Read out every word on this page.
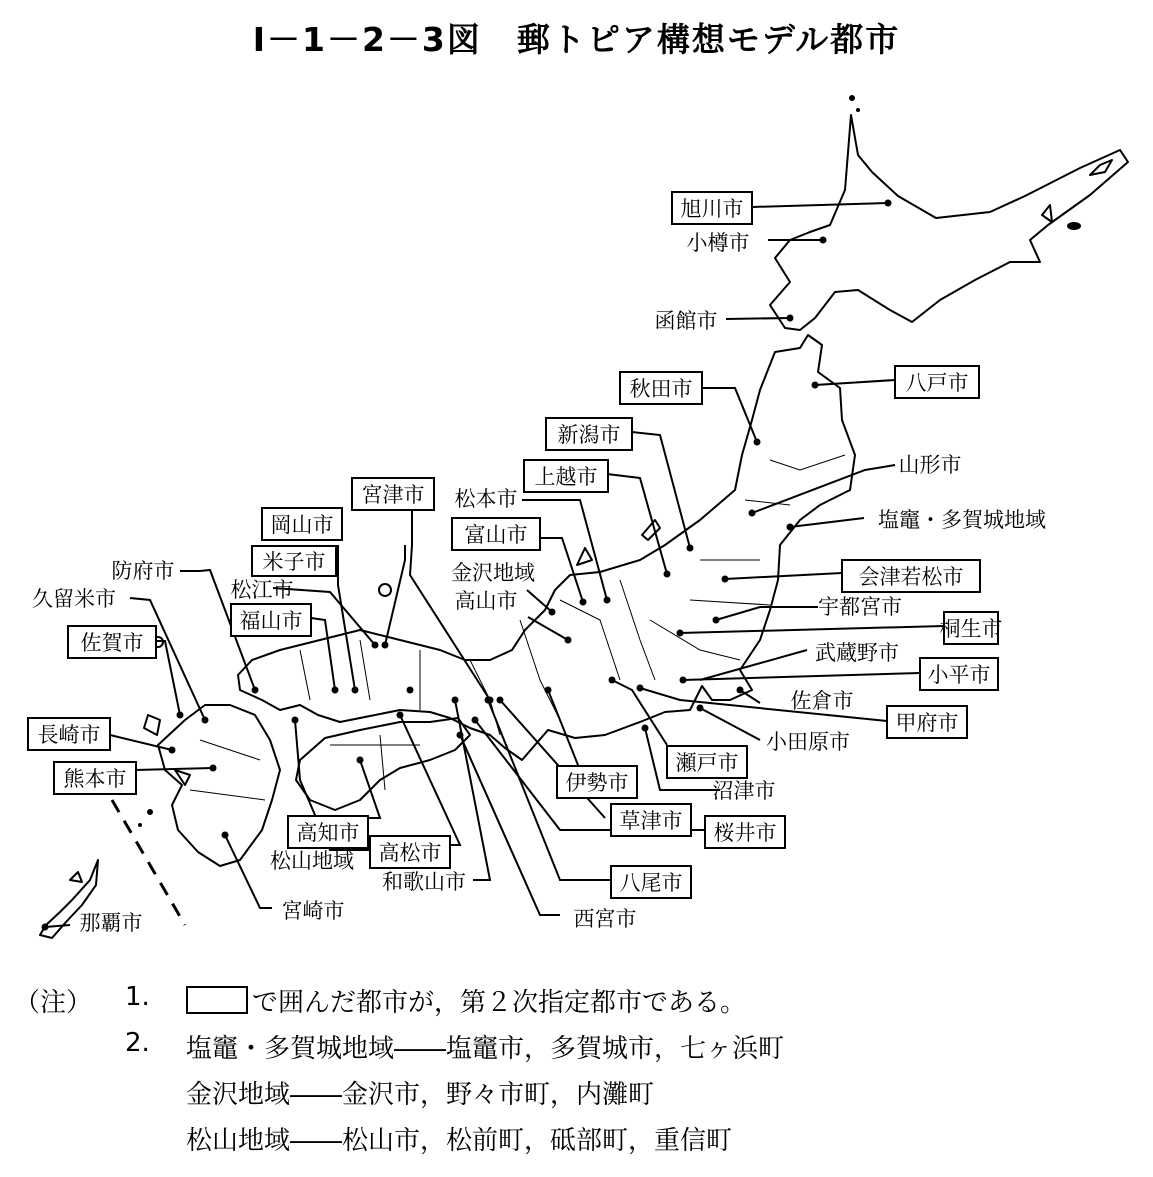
Ⅰ－1－2－3図　郵トピア構想モデル都市
旭川市
小樽市
函館市
秋田市	八戸市
新潟市
山形市
塩竈・多賀城地域
上越市
松本市
宮津市
富山市
金沢地域
高山市
会津若松市
宇都宮市
桐生市
武蔵野市
小平市
佐倉市
甲府市
小田原市
岡山市
防府市	米子市
松江市
久留米市
福山市
佐賀市
長崎市
熊本市
瀬戸市
沼津市
伊勢市
草津市 桜井市
高知市
高松市
松山地域
和歌山市	八尾市
宮崎市	西宮市
那覇市
（注） 1.	で囲んだ都市が，第２次指定都市である。
2. 塩竈・多賀城地域――塩竈市，多賀城市，七ヶ浜町
金沢地域――金沢市，野々市町，内灘町
松山地域――松山市，松前町，砥部町，重信町
